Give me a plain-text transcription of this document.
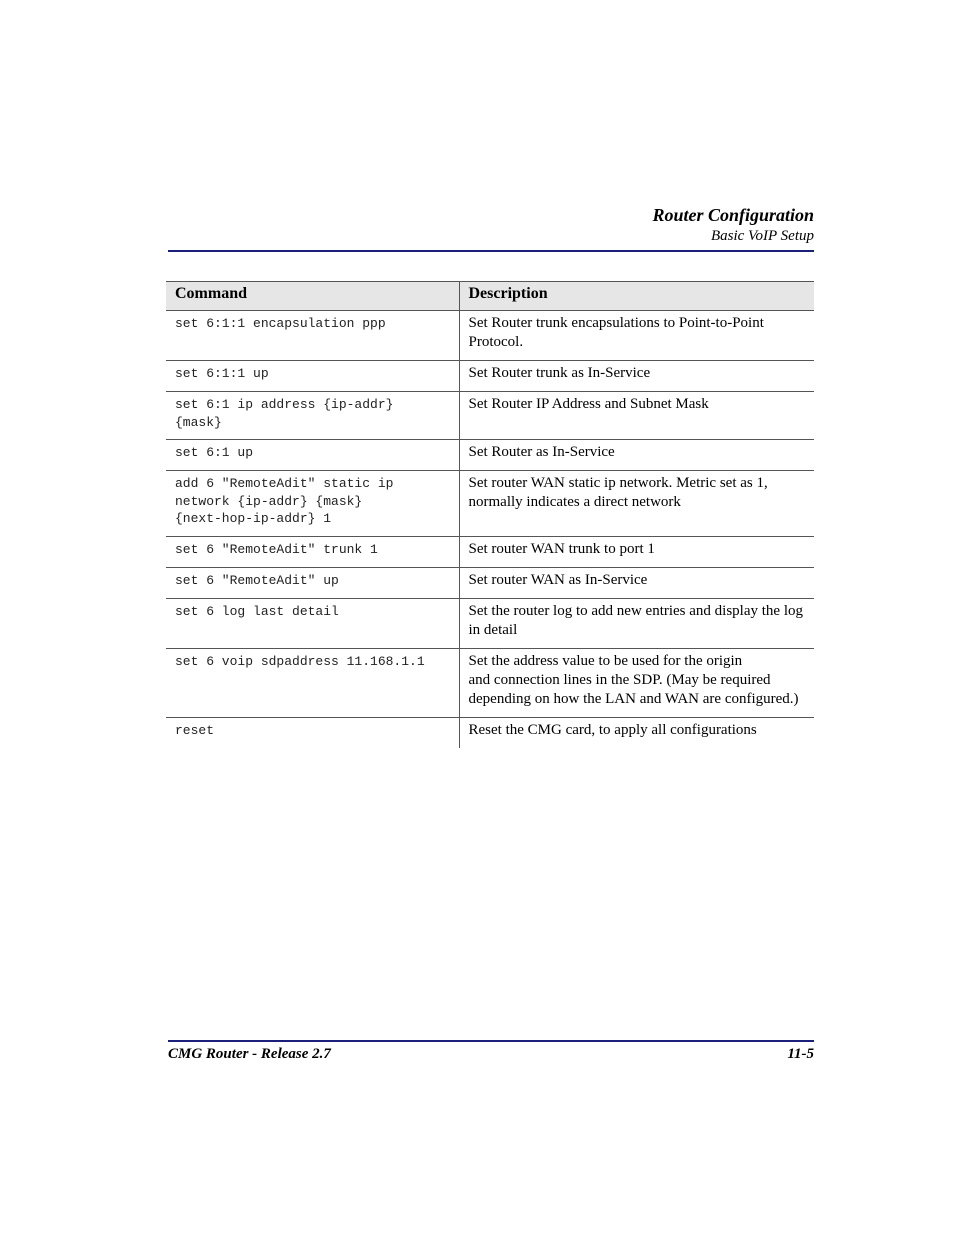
Router Configuration
Basic VoIP Setup
Command	Description
set 6:1:1 encapsulation ppp	Set Router trunk encapsulations to Point-to-Point Protocol.
set 6:1:1 up	Set Router trunk as In-Service
set 6:1 ip address {ip-addr}
{mask}	Set Router IP Address and Subnet Mask
set 6:1 up	Set Router as In-Service
add 6 "RemoteAdit" static ip
network {ip-addr} {mask}
{next-hop-ip-addr} 1	Set router WAN static ip network. Metric set as 1, normally indicates a direct network
set 6 "RemoteAdit" trunk 1	Set router WAN trunk to port 1
set 6 "RemoteAdit" up	Set router WAN as In-Service
set 6 log last detail	Set the router log to add new entries and display the log in detail
set 6 voip sdpaddress 11.168.1.1	Set the address value to be used for the origin
and connection lines in the SDP. (May be required depending on how the LAN and WAN are configured.)
reset	Reset the CMG card, to apply all configurations
CMG Router - Release 2.7	11-5
